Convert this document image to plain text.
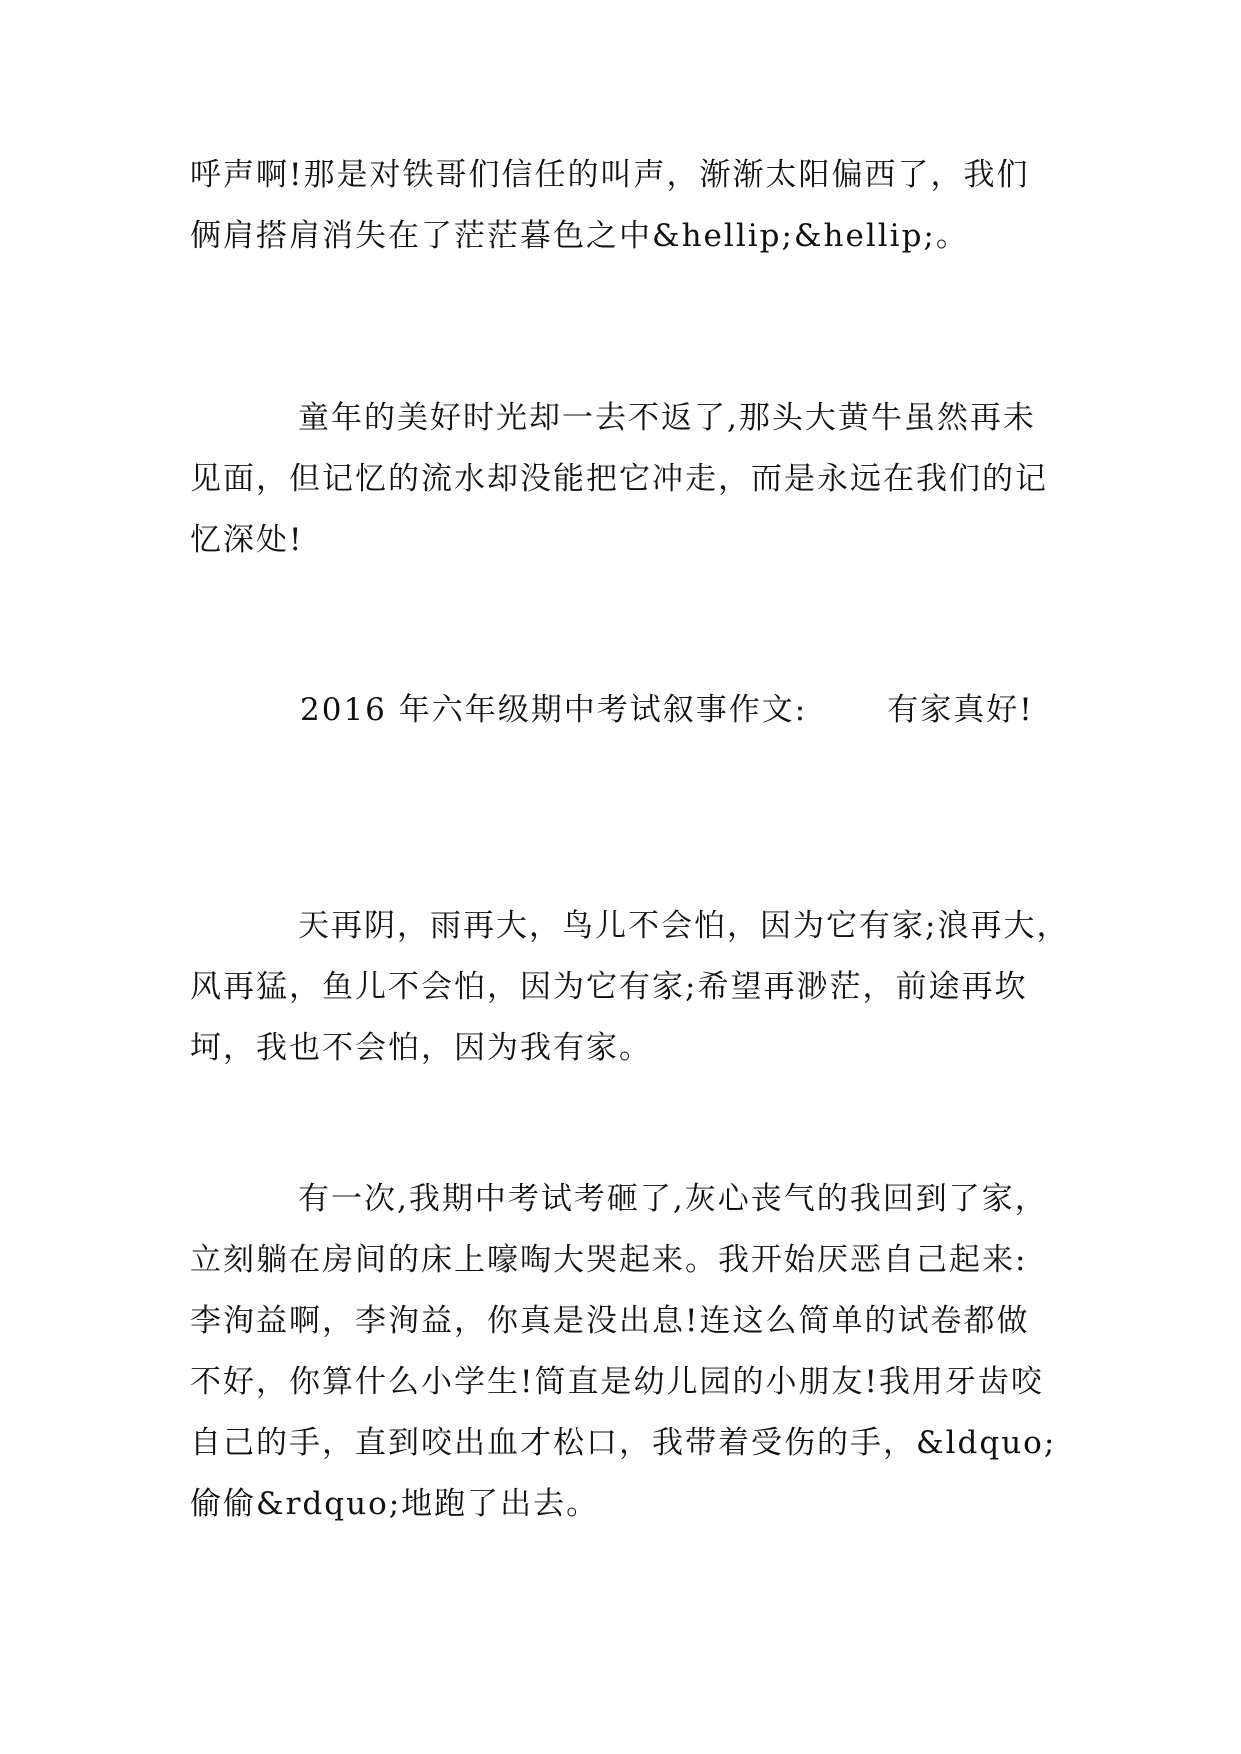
呼声啊!那是对铁哥们信任的叫声，渐渐太阳偏西了，我们
俩肩搭肩消失在了茫茫暮色之中&hellip;&hellip;。
童年的美好时光却一去不返了,那头大黄牛虽然再未
见面，但记忆的流水却没能把它冲走，而是永远在我们的记
忆深处!
2016 年六年级期中考试叙事作文:	有家真好!
天再阴，雨再大，鸟儿不会怕，因为它有家;浪再大，
风再猛，鱼儿不会怕，因为它有家;希望再渺茫，前途再坎
坷，我也不会怕，因为我有家。
有一次,我期中考试考砸了,灰心丧气的我回到了家，
立刻躺在房间的床上嚎啕大哭起来。我开始厌恶自己起来:
李洵益啊，李洵益，你真是没出息!连这么简单的试卷都做
不好，你算什么小学生!简直是幼儿园的小朋友!我用牙齿咬
自己的手，直到咬出血才松口，我带着受伤的手，&ldquo;
偷偷&rdquo;地跑了出去。
